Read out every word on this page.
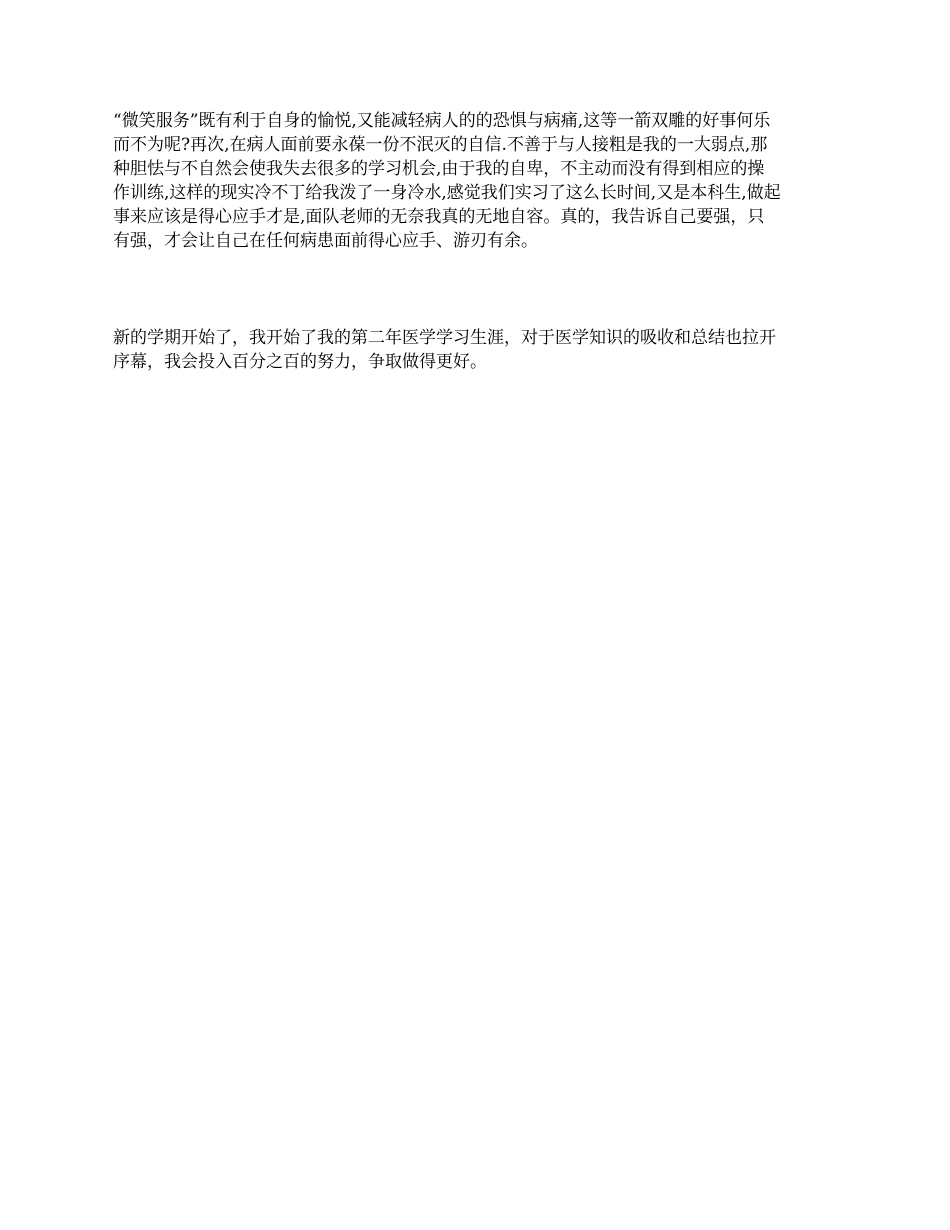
“微笑服务”既有利于自身的愉悦,又能减轻病人的的恐惧与病痛,这等一箭双雕的好事何乐
而不为呢?再次,在病人面前要永葆一份不泯灭的自信.不善于与人接粗是我的一大弱点,那
种胆怯与不自然会使我失去很多的学习机会,由于我的自卑，不主动而没有得到相应的操
作训练,这样的现实冷不丁给我泼了一身冷水,感觉我们实习了这么长时间,又是本科生,做起
事来应该是得心应手才是,面队老师的无奈我真的无地自容。真的，我告诉自己要强，只
有强，才会让自己在任何病患面前得心应手、游刃有余。

新的学期开始了，我开始了我的第二年医学学习生涯，对于医学知识的吸收和总结也拉开
序幕，我会投入百分之百的努力，争取做得更好。
